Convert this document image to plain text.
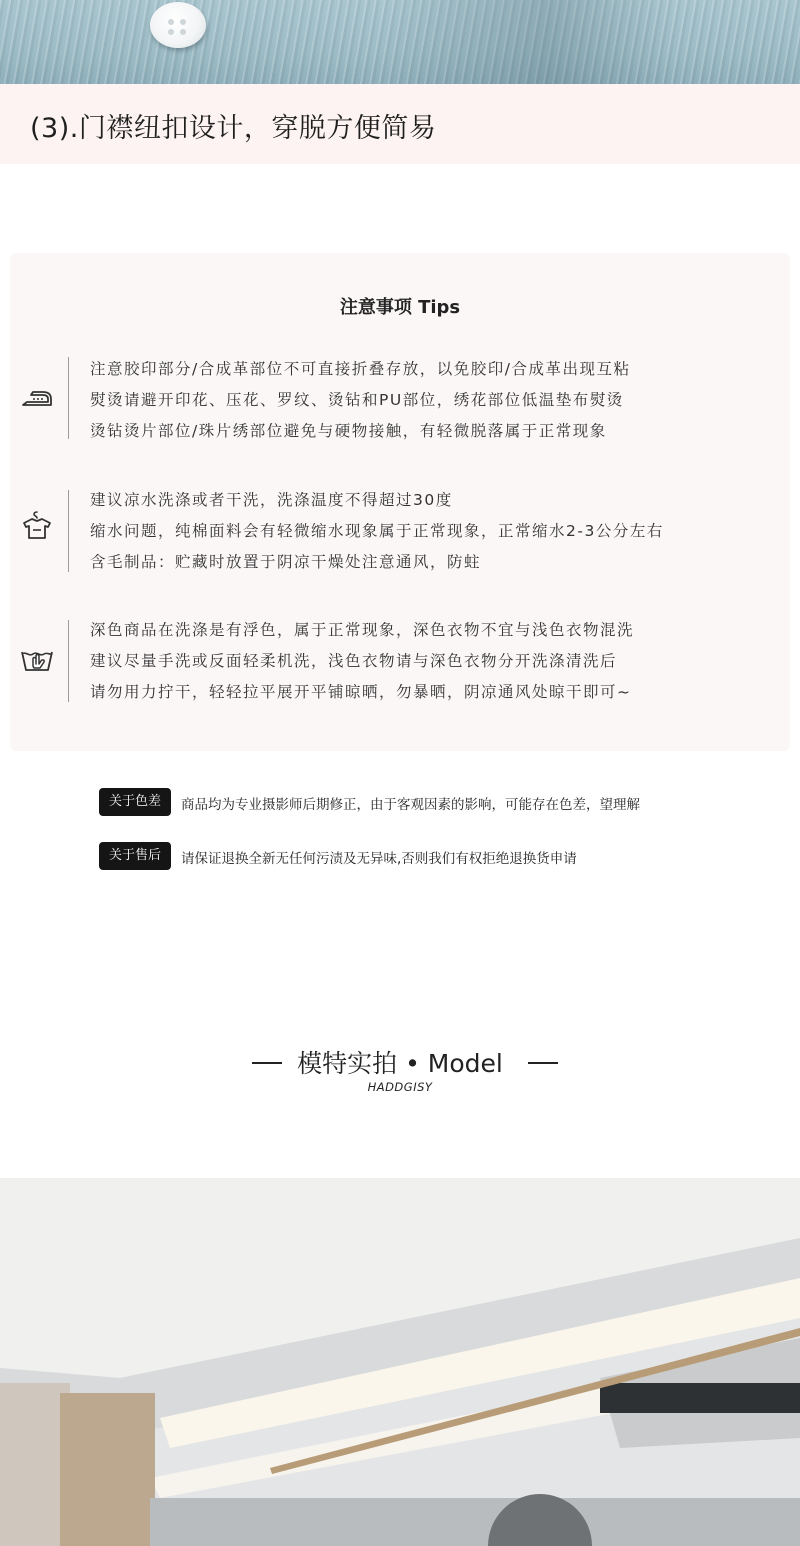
(3).门襟纽扣设计，穿脱方便简易
注意事项 Tips
注意胶印部分/合成革部位不可直接折叠存放，以免胶印/合成革出现互粘
熨烫请避开印花、压花、罗纹、烫钻和PU部位，绣花部位低温垫布熨烫
烫钻烫片部位/珠片绣部位避免与硬物接触，有轻微脱落属于正常现象
建议凉水洗涤或者干洗，洗涤温度不得超过30度
缩水问题，纯棉面料会有轻微缩水现象属于正常现象，正常缩水2-3公分左右
含毛制品：贮藏时放置于阴凉干燥处注意通风，防蛀
深色商品在洗涤是有浮色，属于正常现象，深色衣物不宜与浅色衣物混洗
建议尽量手洗或反面轻柔机洗，浅色衣物请与深色衣物分开洗涤清洗后
请勿用力拧干，轻轻拉平展开平铺晾晒，勿暴晒，阴凉通风处晾干即可~
关于色差	商品均为专业摄影师后期修正，由于客观因素的影响，可能存在色差，望理解
关于售后	请保证退换全新无任何污渍及无异味,否则我们有权拒绝退换货申请
模特实拍 • Model
HADDGISY
